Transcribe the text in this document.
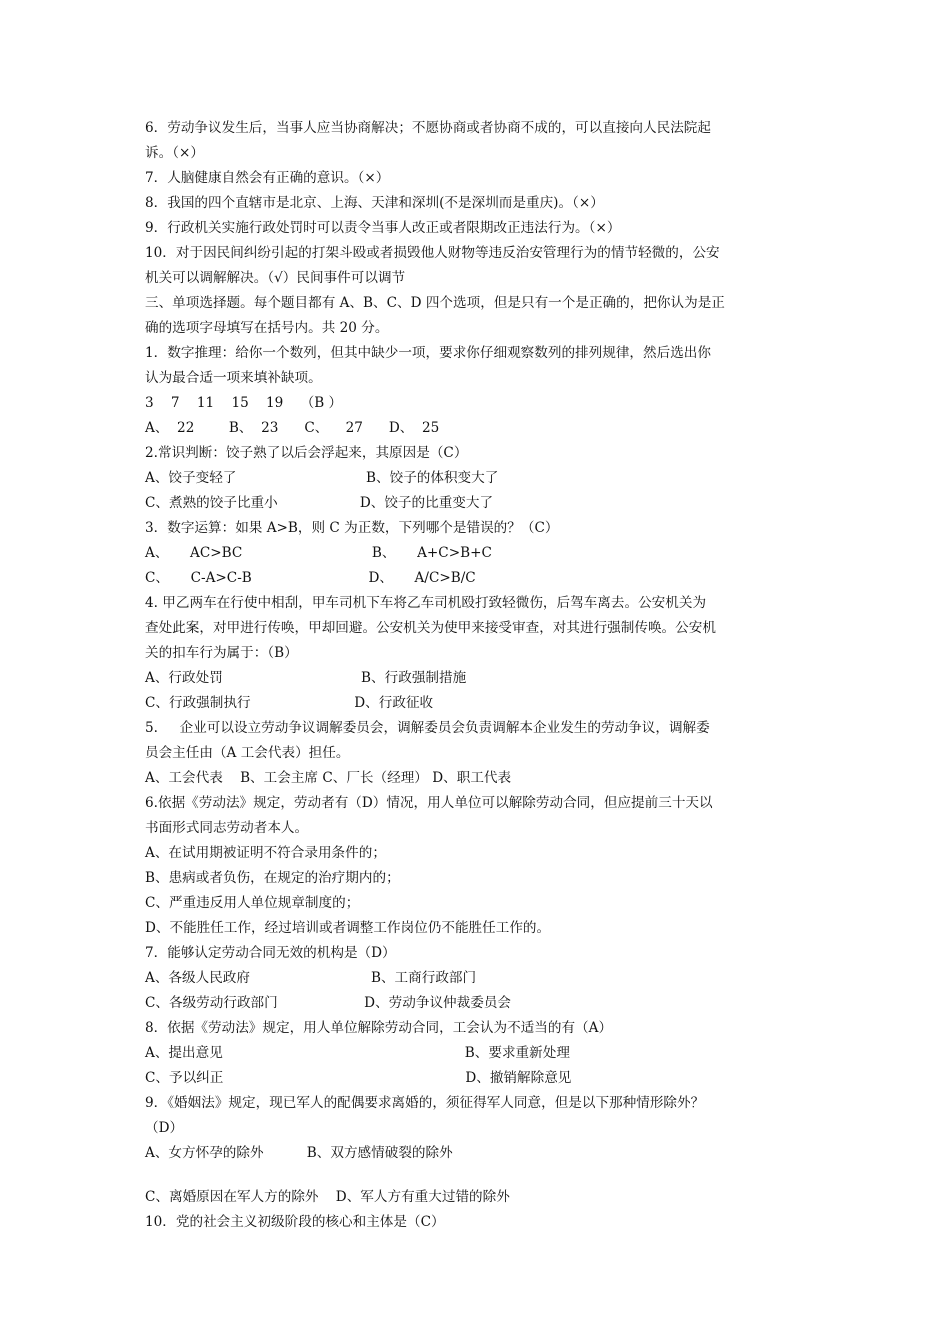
6．劳动争议发生后，当事人应当协商解决；不愿协商或者协商不成的，可以直接向人民法院起
诉。（×）
7．人脑健康自然会有正确的意识。（×）
8．我国的四个直辖市是北京、上海、天津和深圳(不是深圳而是重庆)。（×）
9．行政机关实施行政处罚时可以责令当事人改正或者限期改正违法行为。（×）
10．对于因民间纠纷引起的打架斗殴或者损毁他人财物等违反治安管理行为的情节轻微的，公安
机关可以调解解决。（√）民间事件可以调节
三、单项选择题。每个题目都有 A、B、C、D 四个选项，但是只有一个是正确的，把你认为是正
确的选项字母填写在括号内。共 20 分。
1．数字推理：给你一个数列，但其中缺少一项，要求你仔细观察数列的排列规律，然后选出你
认为最合适一项来填补缺项。
3    7    11    15    19    （B ）
A、  22        B、  23      C、    27      D、  25
2.常识判断：饺子熟了以后会浮起来，其原因是（C）
A、饺子变轻了                              B、饺子的体积变大了
C、煮熟的饺子比重小                   D、饺子的比重变大了
3．数字运算：如果 A>B，则 C 为正数，下列哪个是错误的？（C）
A、     AC>BC                              B、     A+C>B+C
C、     C-A>C-B                           D、     A/C>B/C
4. 甲乙两车在行使中相刮，甲车司机下车将乙车司机殴打致轻微伤，后驾车离去。公安机关为
查处此案，对甲进行传唤，甲却回避。公安机关为使甲来接受审查，对其进行强制传唤。公安机
关的扣车行为属于：（B）
A、行政处罚                                B、行政强制措施
C、行政强制执行                        D、行政征收
5.     企业可以设立劳动争议调解委员会，调解委员会负责调解本企业发生的劳动争议，调解委
员会主任由（A 工会代表）担任。
A、工会代表    B、工会主席 C、厂长（经理） D、职工代表
6.依据《劳动法》规定，劳动者有（D）情况，用人单位可以解除劳动合同，但应提前三十天以
书面形式同志劳动者本人。
A、在试用期被证明不符合录用条件的；
B、患病或者负伤，在规定的治疗期内的；
C、严重违反用人单位规章制度的；
D、不能胜任工作，经过培训或者调整工作岗位仍不能胜任工作的。
7．能够认定劳动合同无效的机构是（D）
A、各级人民政府                            B、工商行政部门
C、各级劳动行政部门                    D、劳动争议仲裁委员会
8．依据《劳动法》规定，用人单位解除劳动合同，工会认为不适当的有（A）
A、提出意见                                                        B、要求重新处理
C、予以纠正                                                        D、撤销解除意见
9．《婚姻法》规定，现已军人的配偶要求离婚的，须征得军人同意，但是以下那种情形除外？
（D）
A、女方怀孕的除外          B、双方感情破裂的除外
C、离婚原因在军人方的除外    D、军人方有重大过错的除外
10．党的社会主义初级阶段的核心和主体是（C）
